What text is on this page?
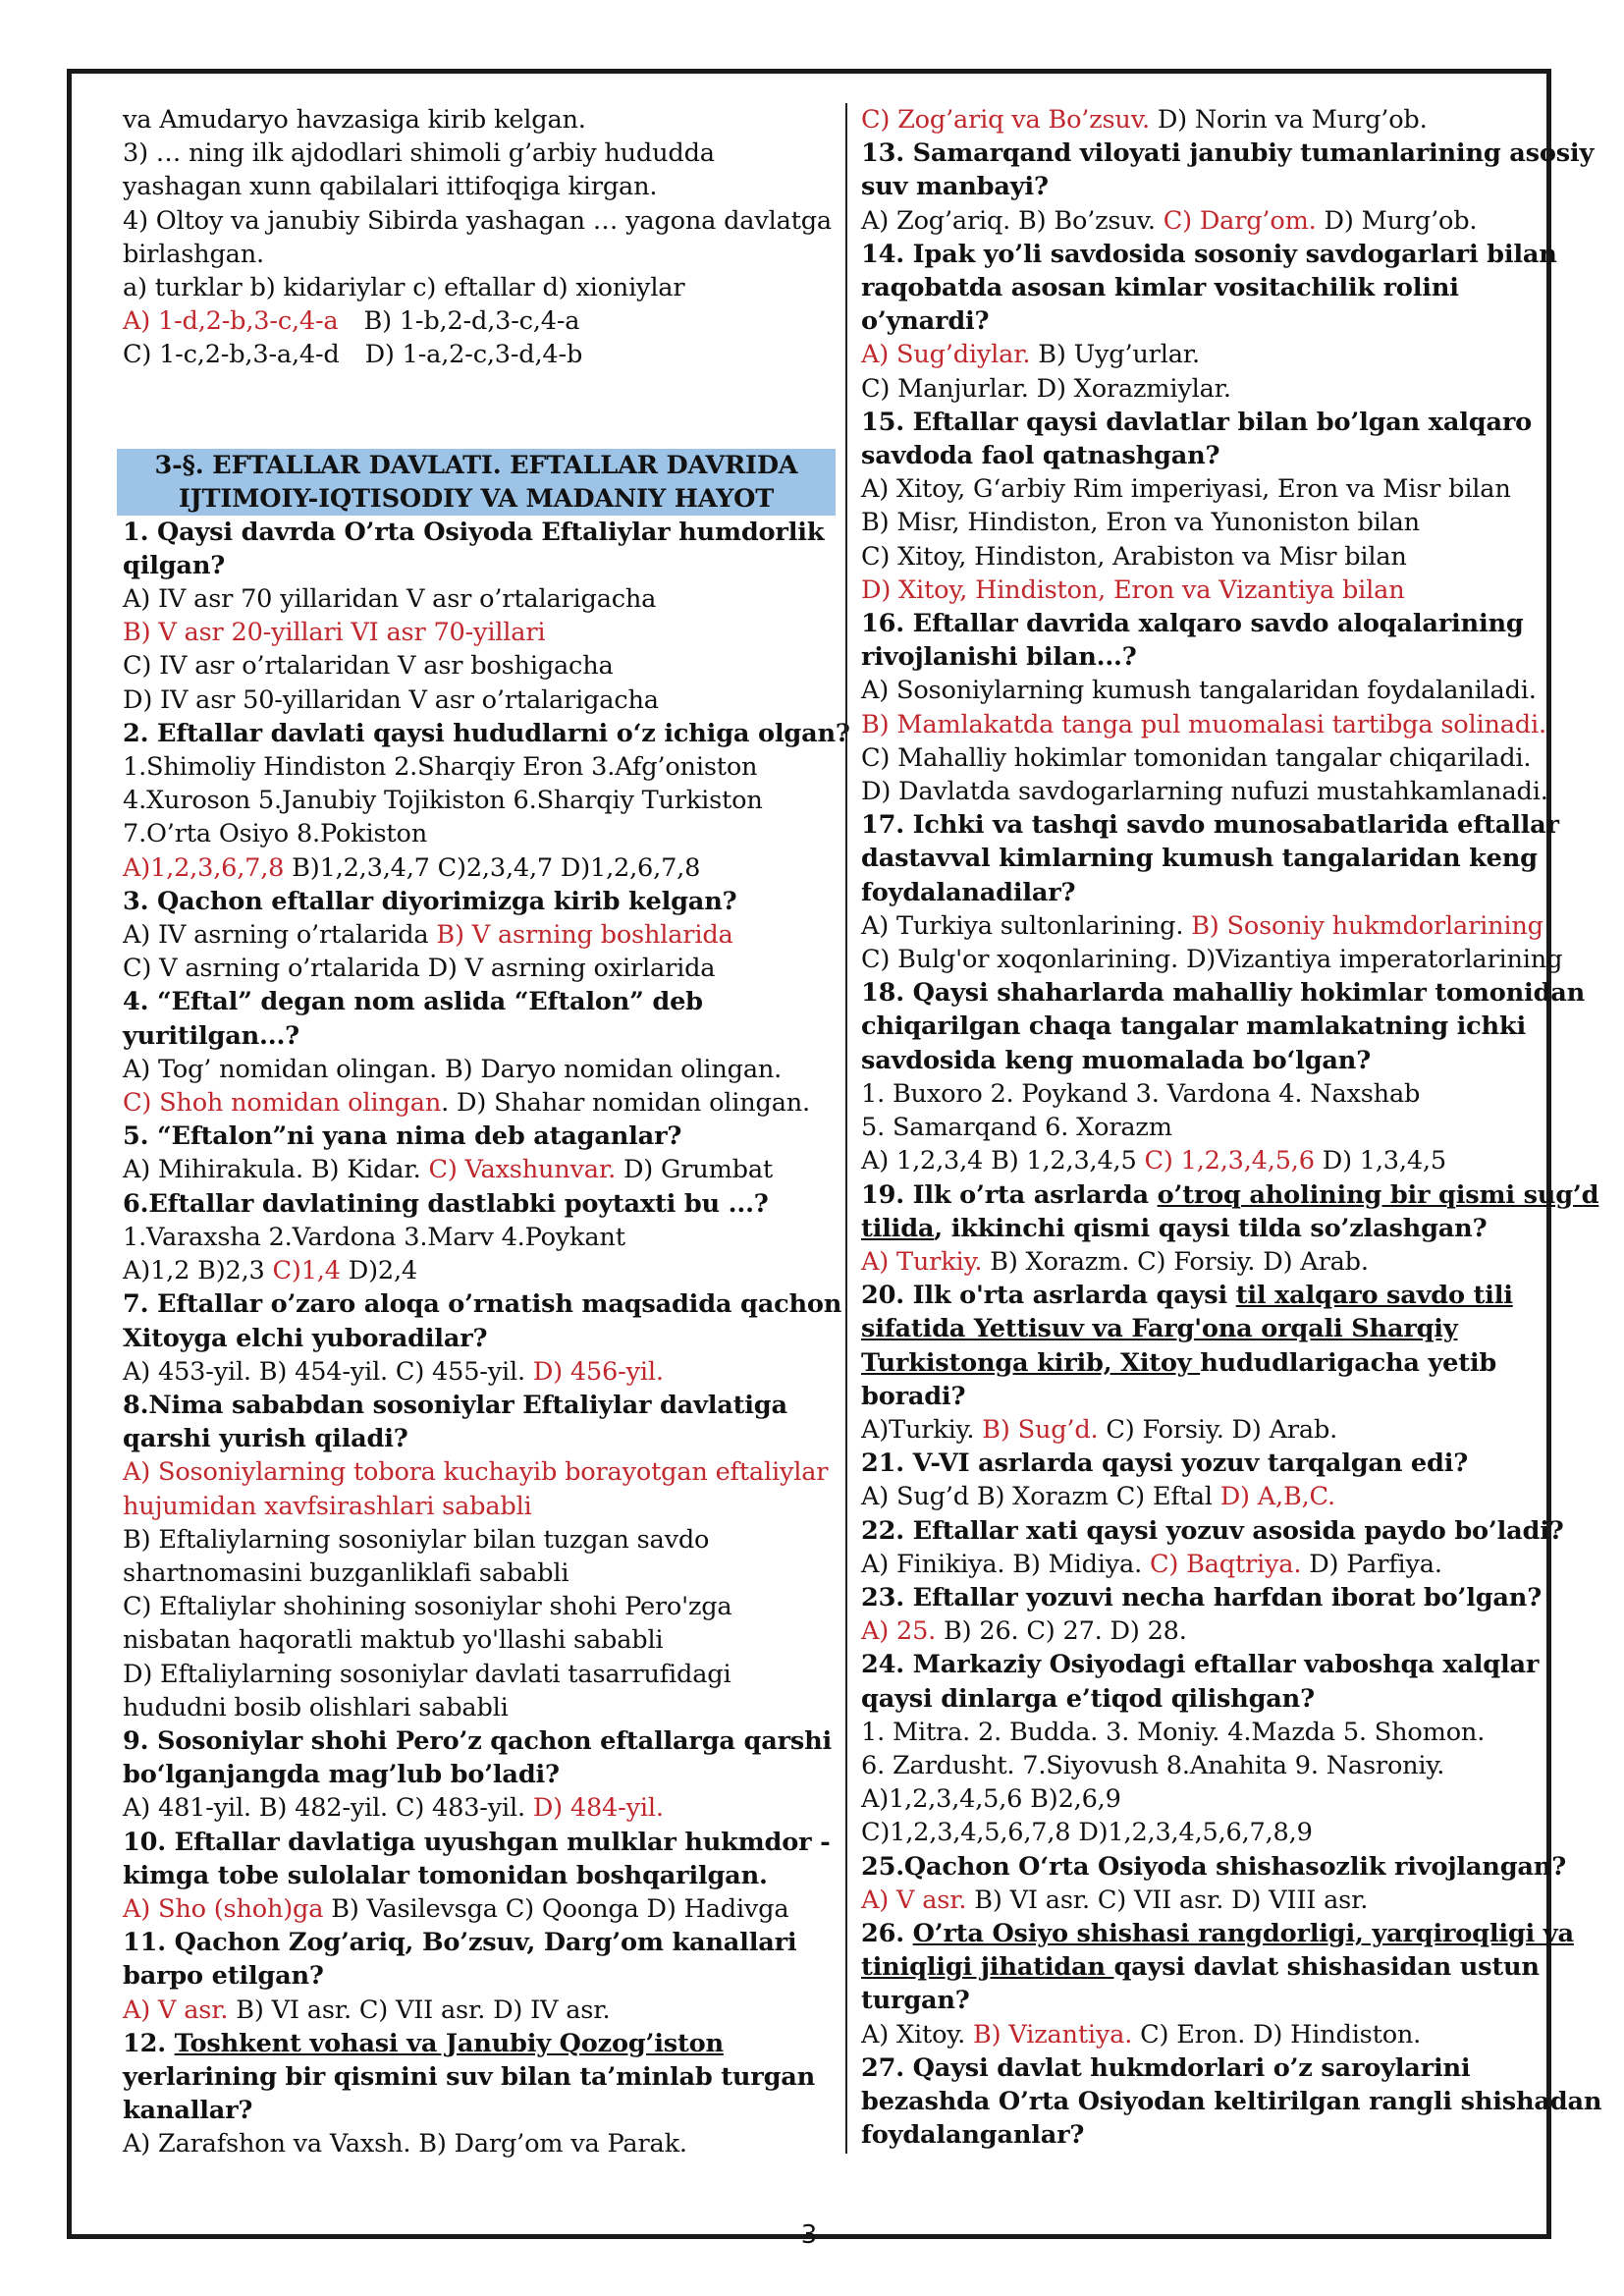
va Amudaryo havzasiga kirib kelgan.
3) … ning ilk ajdodlari shimoli g’arbiy hududda
yashagan xunn qabilalari ittifoqiga kirgan.
4) Oltoy va janubiy Sibirda yashagan … yagona davlatga
birlashgan.
a) turklar b) kidariylar c) eftallar d) xioniylar
A) 1-d,2-b,3-c,4-a B) 1-b,2-d,3-c,4-a
C) 1-c,2-b,3-a,4-d D) 1-a,2-c,3-d,4-b
3-§. EFTALLAR DAVLATI. EFTALLAR DAVRIDA
IJTIMOIY-IQTISODIY VA MADANIY HAYOT
1. Qaysi davrda O’rta Osiyoda Eftaliylar humdorlik
qilgan?
A) IV asr 70 yillaridan V asr o’rtalarigacha
B) V asr 20-yillari VI asr 70-yillari
C) IV asr o’rtalaridan V asr boshigacha
D) IV asr 50-yillaridan V asr o’rtalarigacha
2. Eftallar davlati qaysi hududlarni o‘z ichiga olgan?
1.Shimoliy Hindiston 2.Sharqiy Eron 3.Afg’oniston
4.Xuroson 5.Janubiy Tojikiston 6.Sharqiy Turkiston
7.O’rta Osiyo 8.Pokiston
A)1,2,3,6,7,8 B)1,2,3,4,7 C)2,3,4,7 D)1,2,6,7,8
3. Qachon eftallar diyorimizga kirib kelgan?
A) IV asrning o’rtalarida B) V asrning boshlarida
C) V asrning o’rtalarida D) V asrning oxirlarida
4. “Eftal” degan nom aslida “Eftalon” deb
yuritilgan...?
A) Tog’ nomidan olingan. B) Daryo nomidan olingan.
C) Shoh nomidan olingan. D) Shahar nomidan olingan.
5. “Eftalon”ni yana nima deb ataganlar?
A) Mihirakula. B) Kidar. C) Vaxshunvar. D) Grumbat
6.Eftallar davlatining dastlabki poytaxti bu ...?
1.Varaxsha 2.Vardona 3.Marv 4.Poykant
A)1,2 B)2,3 C)1,4 D)2,4
7. Eftallar o’zaro aloqa o’rnatish maqsadida qachon
Xitoyga elchi yuboradilar?
A) 453-yil. B) 454-yil. C) 455-yil. D) 456-yil.
8.Nima sababdan sosoniylar Eftaliylar davlatiga
qarshi yurish qiladi?
A) Sosoniylarning tobora kuchayib borayotgan eftaliylar
hujumidan xavfsirashlari sababli
B) Eftaliylarning sosoniylar bilan tuzgan savdo
shartnomasini buzganliklafi sababli
C) Eftaliylar shohining sosoniylar shohi Pero'zga
nisbatan haqoratli maktub yo'llashi sababli
D) Eftaliylarning sosoniylar davlati tasarrufidagi
hududni bosib olishlari sababli
9. Sosoniylar shohi Pero’z qachon eftallarga qarshi
bo‘lganjangda mag’lub bo’ladi?
A) 481-yil. B) 482-yil. C) 483-yil. D) 484-yil.
10. Eftallar davlatiga uyushgan mulklar hukmdor -
kimga tobe sulolalar tomonidan boshqarilgan.
A) Sho (shoh)ga B) Vasilevsga C) Qoonga D) Hadivga
11. Qachon Zog’ariq, Bo’zsuv, Darg’om kanallari
barpo etilgan?
A) V asr. B) VI asr. C) VII asr. D) IV asr.
12. Toshkent vohasi va Janubiy Qozog’iston
yerlarining bir qismini suv bilan ta’minlab turgan
kanallar?
A) Zarafshon va Vaxsh. B) Darg’om va Parak.
C) Zog’ariq va Bo’zsuv. D) Norin va Murg’ob.
13. Samarqand viloyati janubiy tumanlarining asosiy
suv manbayi?
A) Zog’ariq. B) Bo’zsuv. C) Darg’om. D) Murg’ob.
14. Ipak yo’li savdosida sosoniy savdogarlari bilan
raqobatda asosan kimlar vositachilik rolini
o’ynardi?
A) Sug’diylar. B) Uyg’urlar.
C) Manjurlar. D) Xorazmiylar.
15. Eftallar qaysi davlatlar bilan bo’lgan xalqaro
savdoda faol qatnashgan?
A) Xitoy, G‘arbiy Rim imperiyasi, Eron va Misr bilan
B) Misr, Hindiston, Eron va Yunoniston bilan
C) Xitoy, Hindiston, Arabiston va Misr bilan
D) Xitoy, Hindiston, Eron va Vizantiya bilan
16. Eftallar davrida xalqaro savdo aloqalarining
rivojlanishi bilan...?
A) Sosoniylarning kumush tangalaridan foydalaniladi.
B) Mamlakatda tanga pul muomalasi tartibga solinadi.
C) Mahalliy hokimlar tomonidan tangalar chiqariladi.
D) Davlatda savdogarlarning nufuzi mustahkamlanadi.
17. Ichki va tashqi savdo munosabatlarida eftallar
dastavval kimlarning kumush tangalaridan keng
foydalanadilar?
A) Turkiya sultonlarining. B) Sosoniy hukmdorlarining
C) Bulg'or xoqonlarining. D)Vizantiya imperatorlarining
18. Qaysi shaharlarda mahalliy hokimlar tomonidan
chiqarilgan chaqa tangalar mamlakatning ichki
savdosida keng muomalada bo‘lgan?
1. Buxoro 2. Poykand 3. Vardona 4. Naxshab
5. Samarqand 6. Xorazm
A) 1,2,3,4 B) 1,2,3,4,5 C) 1,2,3,4,5,6 D) 1,3,4,5
19. Ilk o’rta asrlarda o’troq aholining bir qismi sug’d
tilida, ikkinchi qismi qaysi tilda so’zlashgan?
A) Turkiy. B) Xorazm. C) Forsiy. D) Arab.
20. Ilk o'rta asrlarda qaysi til xalqaro savdo tili
sifatida Yettisuv va Farg'ona orqali Sharqiy
Turkistonga kirib, Xitoy hududlarigacha yetib
boradi?
A)Turkiy. B) Sug’d. C) Forsiy. D) Arab.
21. V-VI asrlarda qaysi yozuv tarqalgan edi?
A) Sug’d B) Xorazm C) Eftal D) A,B,C.
22. Eftallar xati qaysi yozuv asosida paydo bo’ladi?
A) Finikiya. B) Midiya. C) Baqtriya. D) Parfiya.
23. Eftallar yozuvi necha harfdan iborat bo’lgan?
A) 25. B) 26. C) 27. D) 28.
24. Markaziy Osiyodagi eftallar vaboshqa xalqlar
qaysi dinlarga e’tiqod qilishgan?
1. Mitra. 2. Budda. 3. Moniy. 4.Mazda 5. Shomon.
6. Zardusht. 7.Siyovush 8.Anahita 9. Nasroniy.
A)1,2,3,4,5,6 B)2,6,9
C)1,2,3,4,5,6,7,8 D)1,2,3,4,5,6,7,8,9
25.Qachon O‘rta Osiyoda shishasozlik rivojlangan?
A) V asr. B) VI asr. C) VII asr. D) VIII asr.
26. O’rta Osiyo shishasi rangdorligi, yarqiroqligi va
tiniqligi jihatidan qaysi davlat shishasidan ustun
turgan?
A) Xitoy. B) Vizantiya. C) Eron. D) Hindiston.
27. Qaysi davlat hukmdorlari o’z saroylarini
bezashda O’rta Osiyodan keltirilgan rangli shishadan
foydalanganlar?
3
